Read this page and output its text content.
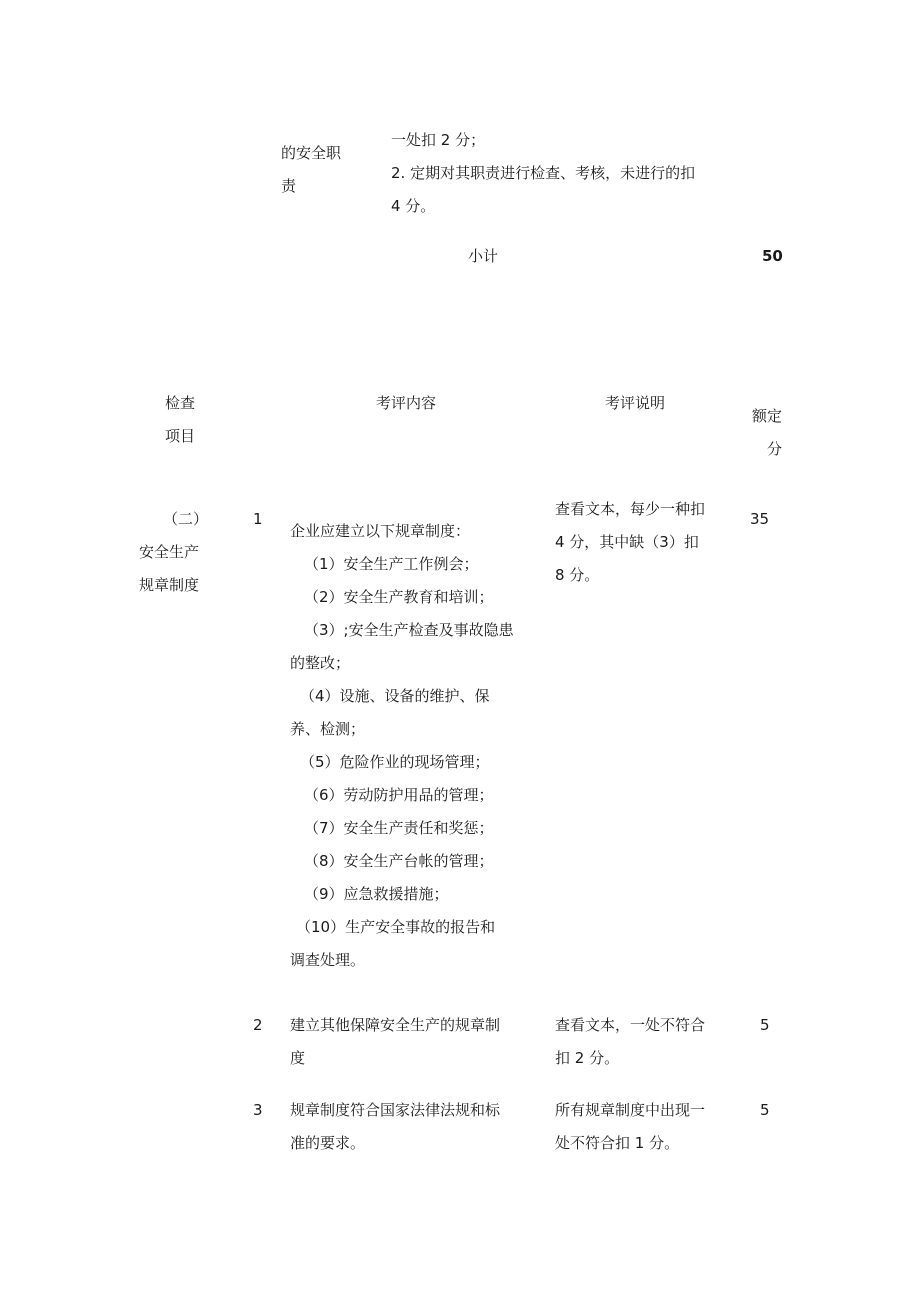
的安全职
责
一处扣 2 分；
2. 定期对其职责进行检查、考核，未进行的扣
4 分。
小计	50
检查
项目
考评内容	考评说明
额定
分
（二）
安全生产
规章制度
1
企业应建立以下规章制度：
（1）安全生产工作例会；
（2）安全生产教育和培训；
（3）;安全生产检查及事故隐患
的整改；
（4）设施、设备的维护、保
养、检测；
（5）危险作业的现场管理；
（6）劳动防护用品的管理；
（7）安全生产责任和奖惩；
（8）安全生产台帐的管理；
（9）应急救援措施；
（10）生产安全事故的报告和
调查处理。
查看文本，每少一种扣
4 分，其中缺（3）扣
8 分。
35
2 建立其他保障安全生产的规章制
度
查看文本，一处不符合
扣 2 分。
5
3 规章制度符合国家法律法规和标
准的要求。
所有规章制度中出现一
处不符合扣 1 分。
5
